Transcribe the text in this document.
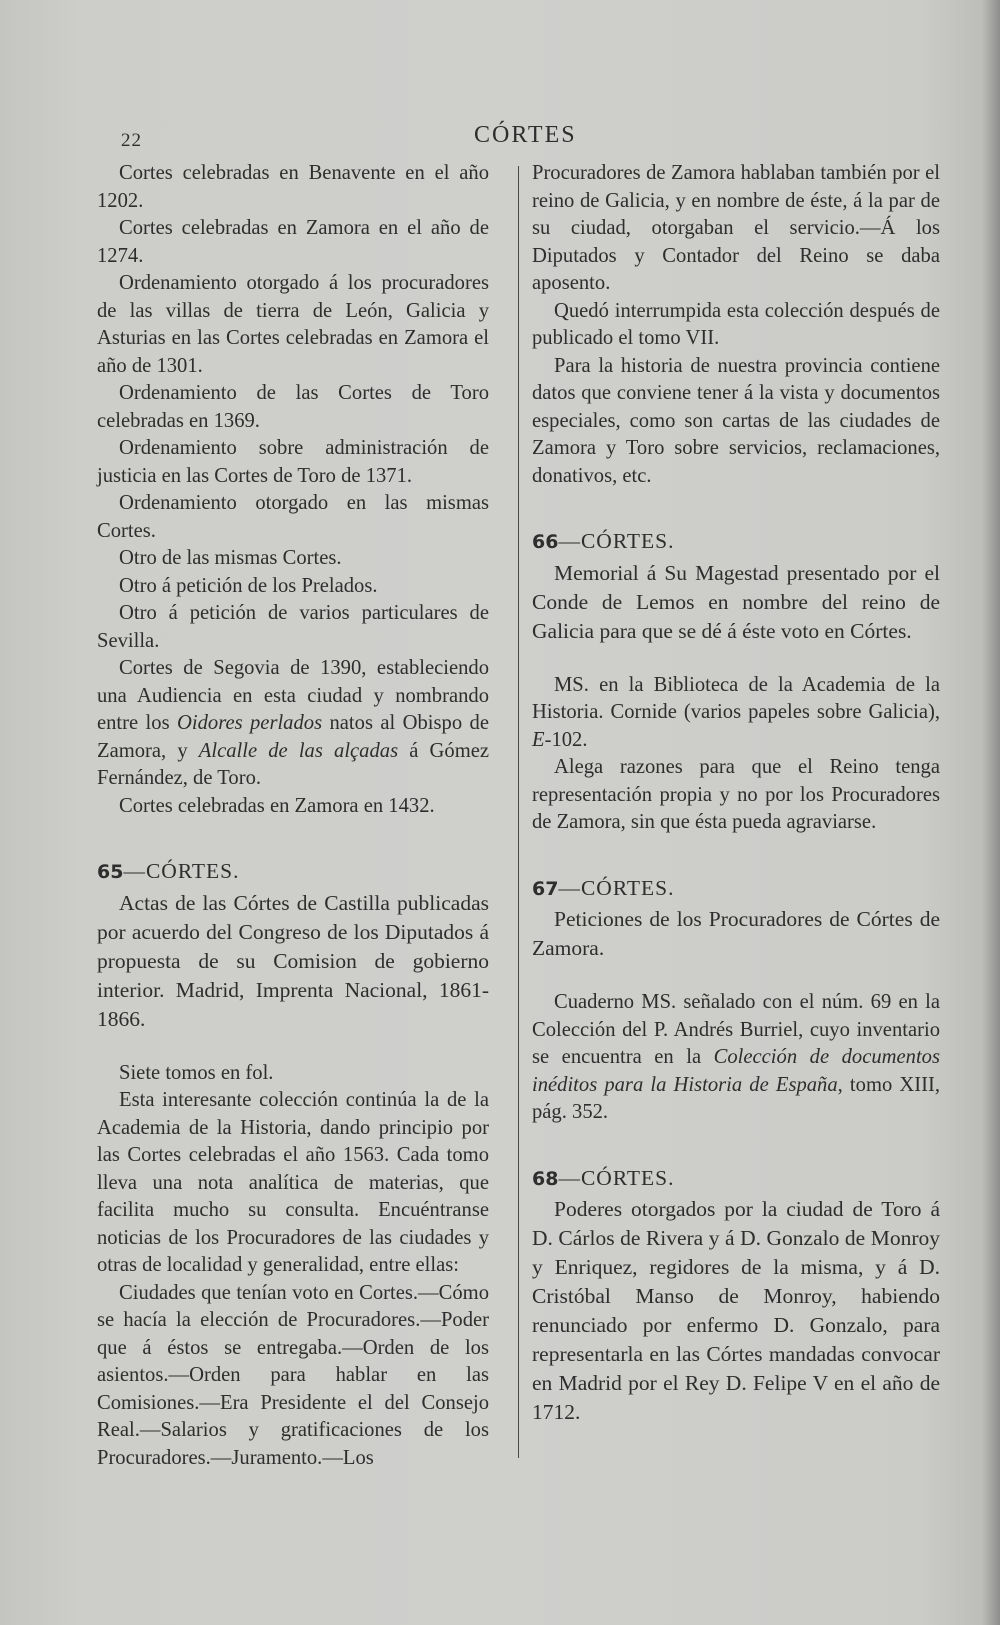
22	CÓRTES

Cortes celebradas en Benavente en el año 1202.

Cortes celebradas en Zamora en el año de 1274.

Ordenamiento otorgado á los procuradores de las villas de tierra de León, Galicia y Asturias en las Cortes celebradas en Zamora el año de 1301.

Ordenamiento de las Cortes de Toro celebradas en 1369.

Ordenamiento sobre administración de justicia en las Cortes de Toro de 1371.

Ordenamiento otorgado en las mismas Cortes.

Otro de las mismas Cortes.

Otro á petición de los Prelados.

Otro á petición de varios particulares de Sevilla.

Cortes de Segovia de 1390, estableciendo una Audiencia en esta ciudad y nombrando entre los Oidores perlados natos al Obispo de Zamora, y Alcalle de las alçadas á Gómez Fernández, de Toro.

Cortes celebradas en Zamora en 1432.

65—CÓRTES.

Actas de las Córtes de Castilla publicadas por acuerdo del Congreso de los Diputados á propuesta de su Comision de gobierno interior. Madrid, Imprenta Nacional, 1861-1866.

Siete tomos en fol.

Esta interesante colección continúa la de la Academia de la Historia, dando principio por las Cortes celebradas el año 1563. Cada tomo lleva una nota analítica de materias, que facilita mucho su consulta. Encuéntranse noticias de los Procuradores de las ciudades y otras de localidad y generalidad, entre ellas:

Ciudades que tenían voto en Cortes.—Cómo se hacía la elección de Procuradores.—Poder que á éstos se entregaba.—Orden de los asientos.—Orden para hablar en las Comisiones.—Era Presidente el del Consejo Real.—Salarios y gratificaciones de los Procuradores.—Juramento.—Los

Procuradores de Zamora hablaban también por el reino de Galicia, y en nombre de éste, á la par de su ciudad, otorgaban el servicio.—Á los Diputados y Contador del Reino se daba aposento.

Quedó interrumpida esta colección después de publicado el tomo VII.

Para la historia de nuestra provincia contiene datos que conviene tener á la vista y documentos especiales, como son cartas de las ciudades de Zamora y Toro sobre servicios, reclamaciones, donativos, etc.

66—CÓRTES.

Memorial á Su Magestad presentado por el Conde de Lemos en nombre del reino de Galicia para que se dé á éste voto en Córtes.

MS. en la Biblioteca de la Academia de la Historia. Cornide (varios papeles sobre Galicia), E-102.

Alega razones para que el Reino tenga representación propia y no por los Procuradores de Zamora, sin que ésta pueda agraviarse.

67—CÓRTES.

Peticiones de los Procuradores de Córtes de Zamora.

Cuaderno MS. señalado con el núm. 69 en la Colección del P. Andrés Burriel, cuyo inventario se encuentra en la Colección de documentos inéditos para la Historia de España, tomo XIII, pág. 352.

68—CÓRTES.

Poderes otorgados por la ciudad de Toro á D. Cárlos de Rivera y á D. Gonzalo de Monroy y Enriquez, regidores de la misma, y á D. Cristóbal Manso de Monroy, habiendo renunciado por enfermo D. Gonzalo, para representarla en las Córtes mandadas convocar en Madrid por el Rey D. Felipe V en el año de 1712.
